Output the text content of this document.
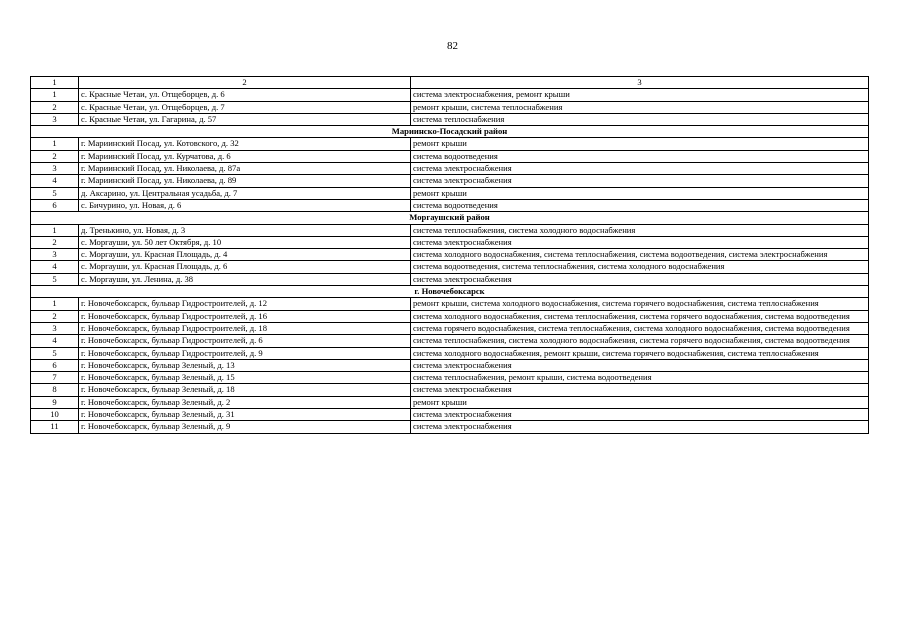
82
1	2	3
1	с. Красные Четаи, ул. Отщеборцев, д. 6	система электроснабжения, ремонт крыши
2	с. Красные Четаи, ул. Отщеборцев, д. 7	ремонт крыши, система теплоснабжения
3	с. Красные Четаи, ул. Гагарина, д. 57	система теплоснабжения
Мариинско-Посадский район		
1	г. Мариинский Посад, ул. Котовского, д. 32	ремонт крыши
2	г. Мариинский Посад, ул. Курчатова, д. 6	система водоотведения
3	г. Мариинский Посад, ул. Николаева, д. 87а	система электроснабжения
4	г. Мариинский Посад, ул. Николаева, д. 89	система электроснабжения
5	д. Аксарино, ул. Центральная усадьба, д. 7	ремонт крыши
6	с. Бичурино, ул. Новая, д. 6	система водоотведения
Моргаушский район		
1	д. Тренькино, ул. Новая, д. 3	система теплоснабжения, система холодного водоснабжения
2	с. Моргауши, ул. 50 лет Октября, д. 10	система электроснабжения
3	с. Моргауши, ул. Красная Площадь, д. 4	система холодного водоснабжения, система теплоснабжения, система водоотведения, система электроснабжения
4	с. Моргауши, ул. Красная Площадь, д. 6	система водоотведения, система теплоснабжения, система холодного водоснабжения
5	с. Моргауши, ул. Ленина, д. 38	система электроснабжения
г. Новочебоксарск		
1	г. Новочебоксарск, бульвар Гидростроителей, д. 12	ремонт крыши, система холодного водоснабжения, система горячего водоснабжения, система теплоснабжения
2	г. Новочебоксарск, бульвар Гидростроителей, д. 16	система холодного водоснабжения, система теплоснабжения, система горячего водоснабжения, система водоотведения
3	г. Новочебоксарск, бульвар Гидростроителей, д. 18	система горячего водоснабжения, система теплоснабжения, система холодного водоснабжения, система водоотведения
4	г. Новочебоксарск, бульвар Гидростроителей, д. 6	система теплоснабжения, система холодного водоснабжения, система горячего водоснабжения, система водоотведения
5	г. Новочебоксарск, бульвар Гидростроителей, д. 9	система холодного водоснабжения, ремонт крыши, система горячего водоснабжения, система теплоснабжения
6	г. Новочебоксарск, бульвар Зеленый, д. 13	система электроснабжения
7	г. Новочебоксарск, бульвар Зеленый, д. 15	система теплоснабжения, ремонт крыши, система водоотведения
8	г. Новочебоксарск, бульвар Зеленый, д. 18	система электроснабжения
9	г. Новочебоксарск, бульвар Зеленый, д. 2	ремонт крыши
10	г. Новочебоксарск, бульвар Зеленый, д. 31	система электроснабжения
11	г. Новочебоксарск, бульвар Зеленый, д. 9	система электроснабжения
